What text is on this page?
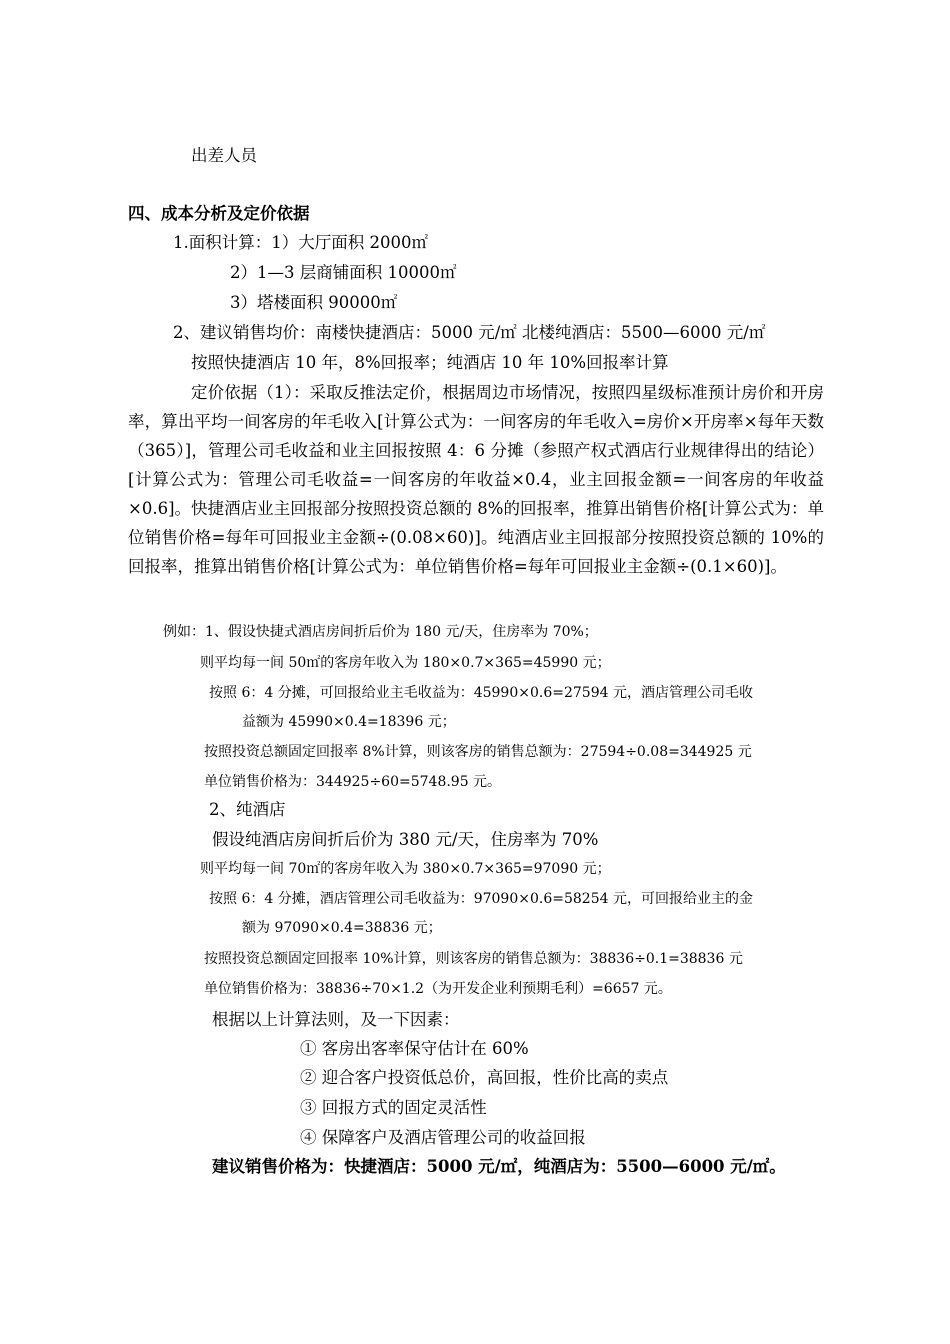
出差人员
四、成本分析及定价依据
1.面积计算：1）大厅面积 2000㎡
2）1—3 层商铺面积 10000㎡
3）塔楼面积 90000㎡
2、建议销售均价：南楼快捷酒店：5000 元/㎡ 北楼纯酒店：5500—6000 元/㎡
按照快捷酒店 10 年，8%回报率；纯酒店 10 年 10%回报率计算
定价依据（1）：采取反推法定价，根据周边市场情况，按照四星级标准预计房价和开房率，算出平均一间客房的年毛收入[计算公式为：一间客房的年毛收入=房价×开房率×每年天数（365）]，管理公司毛收益和业主回报按照 4：6 分摊（参照产权式酒店行业规律得出的结论）[计算公式为：管理公司毛收益=一间客房的年收益×0.4，业主回报金额=一间客房的年收益×0.6]。快捷酒店业主回报部分按照投资总额的 8%的回报率，推算出销售价格[计算公式为：单位销售价格=每年可回报业主金额÷(0.08×60)]。纯酒店业主回报部分按照投资总额的 10%的回报率，推算出销售价格[计算公式为：单位销售价格=每年可回报业主金额÷(0.1×60)]。
例如：1、假设快捷式酒店房间折后价为 180 元/天，住房率为 70%；
则平均每一间 50㎡的客房年收入为 180×0.7×365=45990 元；
按照 6：4 分摊，可回报给业主毛收益为：45990×0.6=27594 元，酒店管理公司毛收
益额为 45990×0.4=18396 元；
按照投资总额固定回报率 8%计算，则该客房的销售总额为：27594÷0.08=344925 元
单位销售价格为：344925÷60=5748.95 元。
2、纯酒店
假设纯酒店房间折后价为 380 元/天，住房率为 70%
则平均每一间 70㎡的客房年收入为 380×0.7×365=97090 元；
按照 6：4 分摊，酒店管理公司毛收益为：97090×0.6=58254 元，可回报给业主的金
额为 97090×0.4=38836 元；
按照投资总额固定回报率 10%计算，则该客房的销售总额为：38836÷0.1=38836 元
单位销售价格为：38836÷70×1.2（为开发企业利预期毛利）=6657 元。
根据以上计算法则，及一下因素：
① 客房出客率保守估计在 60%
② 迎合客户投资低总价，高回报，性价比高的卖点
③ 回报方式的固定灵活性
④ 保障客户及酒店管理公司的收益回报
建议销售价格为：快捷酒店：5000 元/㎡，纯酒店为：5500—6000 元/㎡。
